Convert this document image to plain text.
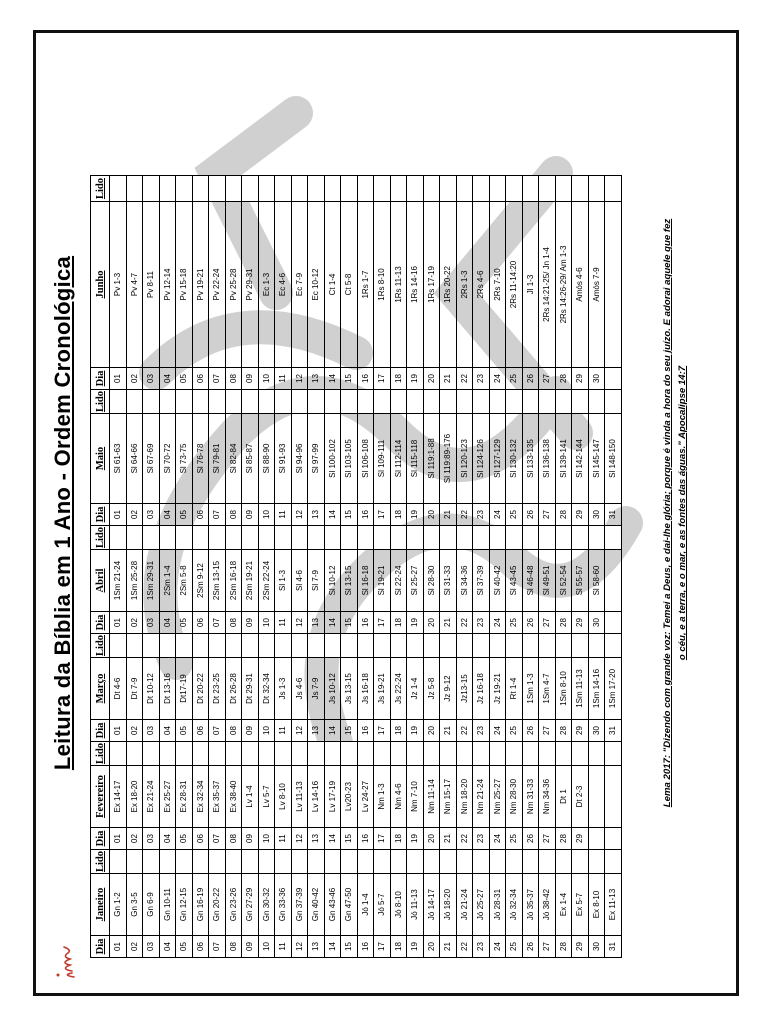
Leitura da Bíblia em 1 Ano - Ordem Cronológica
Dia	Janeiro	Lido	Dia	Fevereiro	Lido	Dia	Março	Lido	Dia	Abril	Lido	Dia	Maio	Lido	Dia	Junho	Lido
01	Gn 1-2		01	Ex 14-17		01	Dt 4-6		01	1Sm 21-24		01	Sl 61-63		01	Pv 1-3	
02	Gn 3-5		02	Ex 18-20		02	Dt 7-9		02	1Sm 25-28		02	Sl 64-66		02	Pv 4-7	
03	Gn 6-9		03	Ex 21-24		03	Dt 10-12		03	1Sm 29-31		03	Sl 67-69		03	Pv 8-11	
04	Gn 10-11		04	Ex 25-27		04	Dt 13-16		04	2Sm 1-4		04	Sl 70-72		04	Pv 12-14	
05	Gn 12-15		05	Ex 28-31		05	Dt17-19		05	2Sm 5-8		05	Sl 73-75		05	Pv 15-18	
06	Gn 16-19		06	Ex 32-34		06	Dt 20-22		06	2Sm 9-12		06	Sl 76-78		06	Pv 19-21	
07	Gn 20-22		07	Ex 35-37		07	Dt 23-25		07	2Sm 13-15		07	Sl 79-81		07	Pv 22-24	
08	Gn 23-26		08	Ex 38-40		08	Dt 26-28		08	2Sm 16-18		08	Sl 82-84		08	Pv 25-28	
09	Gn 27-29		09	Lv 1-4		09	Dt 29-31		09	2Sm 19-21		09	Sl 85-87		09	Pv 29-31	
10	Gn 30-32		10	Lv 5-7		10	Dt 32-34		10	2Sm 22-24		10	Sl 88-90		10	Ec 1-3	
11	Gn 33-36		11	Lv 8-10		11	Js 1-3		11	Sl 1-3		11	Sl 91-93		11	Ec 4-6	
12	Gn 37-39		12	Lv 11-13		12	Js 4-6		12	Sl 4-6		12	Sl 94-96		12	Ec 7-9	
13	Gn 40-42		13	Lv 14-16		13	Js 7-9		13	Sl 7-9		13	Sl 97-99		13	Ec 10-12	
14	Gn 43-46		14	Lv 17-19		14	Js 10-12		14	Sl 10-12		14	Sl 100-102		14	Ct 1-4	
15	Gn 47-50		15	Lv20-23		15	Js 13-15		15	Sl 13-15		15	Sl 103-105		15	Ct 5-8	
16	Jó 1-4		16	Lv 24-27		16	Js 16-18		16	Sl 16-18		16	Sl 106-108		16	1Rs 1-7	
17	Jó 5-7		17	Nm 1-3		17	Js 19-21		17	Sl 19-21		17	Sl 109-111		17	1Rs 8-10	
18	Jó 8-10		18	Nm 4-6		18	Js 22-24		18	Sl 22-24		18	Sl 112-114		18	1Rs 11-13	
19	Jó 11-13		19	Nm 7-10		19	Jz 1-4		19	Sl 25-27		19	Sl 115-118		19	1Rs 14-16	
20	Jó 14-17		20	Nm 11-14		20	Jz 5-8		20	Sl 28-30		20	Sl 119:1-88		20	1Rs 17-19	
21	Jó 18-20		21	Nm 15-17		21	Jz 9-12		21	Sl 31-33		21	Sl 119:89-176		21	1Rs 20-22	
22	Jó 21-24		22	Nm 18-20		22	Jz13-15		22	Sl 34-36		22	Sl 120-123		22	2Rs 1-3	
23	Jó 25-27		23	Nm 21-24		23	Jz 16-18		23	Sl 37-39		23	Sl 124-126		23	2Rs 4-6	
24	Jó 28-31		24	Nm 25-27		24	Jz 19-21		24	Sl 40-42		24	Sl 127-129		24	2Rs 7-10	
25	Jó 32-34		25	Nm 28-30		25	Rt 1-4		25	Sl 43-45		25	Sl 130-132		25	2Rs 11-14:20	
26	Jó 35-37		26	Nm 31-33		26	1Sm 1-3		26	Sl 46-48		26	Sl 133-135		26	Jl 1-3	
27	Jó 38-42		27	Nm 34-36		27	1Sm 4-7		27	Sl 49-51		27	Sl 136-138		27	2Rs 14:21-25/ Jn 1-4	
28	Ex 1-4		28	Dt 1		28	1Sm 8-10		28	Sl 52-54		28	Sl 139-141		28	2Rs 14:26-29/ Am 1-3	
29	Ex 5-7		29	Dt 2-3		29	1Sm 11-13		29	Sl 55-57		29	Sl 142-144		29	Amós 4-6	
30	Ex 8-10					30	1Sm 14-16		30	Sl 58-60		30	Sl 145-147		30	Amós 7-9	
31	Ex 11-13					31	1Sm 17-20					31	Sl 148-150					Lema 2017: "Dizendo com grande voz: Temei a Deus, e dai-lhe glória; porque é vinda a hora do seu juízo. E adorai aquele que fez o céu, e a terra, e o mar, e as fontes das águas." Apocalipse 14:7
